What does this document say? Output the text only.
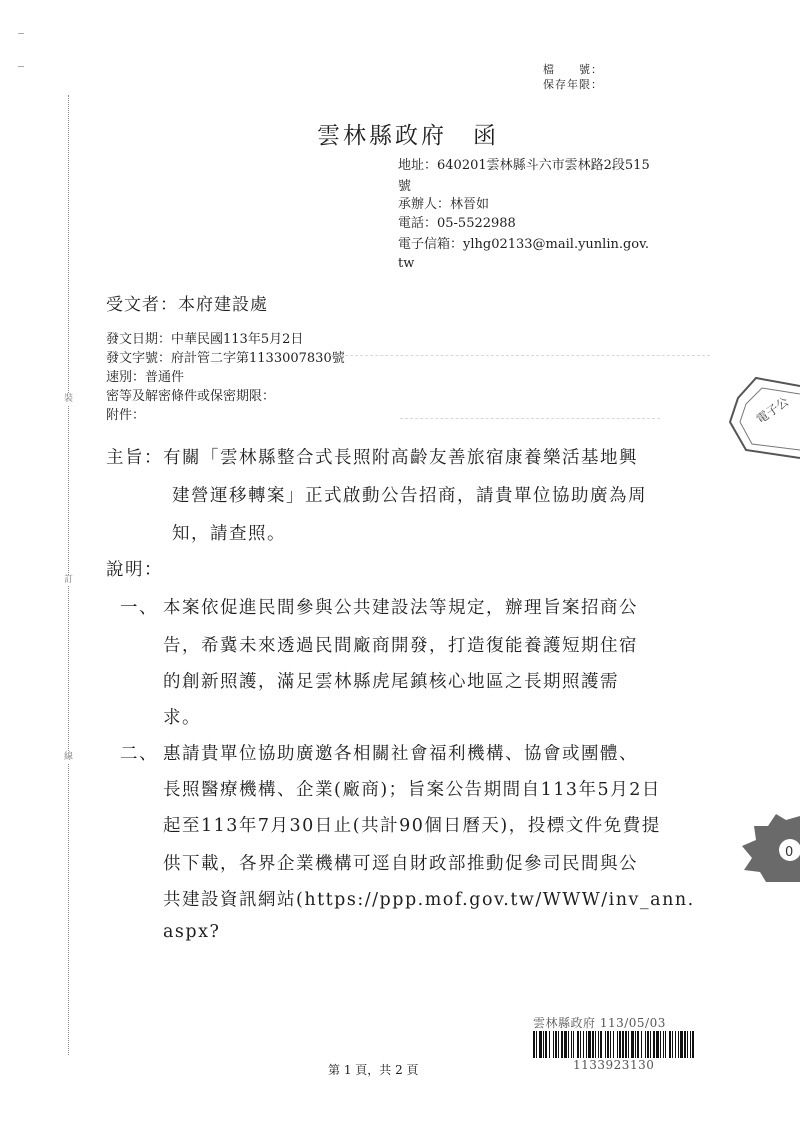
裝
訂
線
檔　　號：
保存年限：
雲林縣政府　函
地址：640201雲林縣斗六市雲林路2段515
號
承辦人：林晉如
電話：05-5522988
電子信箱：ylhg02133@mail.yunlin.gov.
tw
受文者：本府建設處
發文日期：中華民國113年5月2日
發文字號：府計管二字第1133007830號
速別：普通件
密等及解密條件或保密期限：
附件：
主旨：有關「雲林縣整合式長照附高齡友善旅宿康養樂活基地興
建營運移轉案」正式啟動公告招商，請貴單位協助廣為周
知，請查照。
說明：
一、 本案依促進民間參與公共建設法等規定，辦理旨案招商公
告，希冀未來透過民間廠商開發，打造復能養護短期住宿
的創新照護，滿足雲林縣虎尾鎮核心地區之長期照護需
求。
二、 惠請貴單位協助廣邀各相關社會福利機構、協會或團體、
長照醫療機構、企業(廠商)；旨案公告期間自113年5月2日
起至113年7月30日止(共計90個日曆天)，投標文件免費提
供下載，各界企業機構可逕自財政部推動促參司民間與公
共建設資訊網站(https://ppp.mof.gov.tw/WWW/inv_ann.
aspx?
電子公
0
雲林縣政府 113/05/03
1133923130
第 1 頁，共 2 頁
